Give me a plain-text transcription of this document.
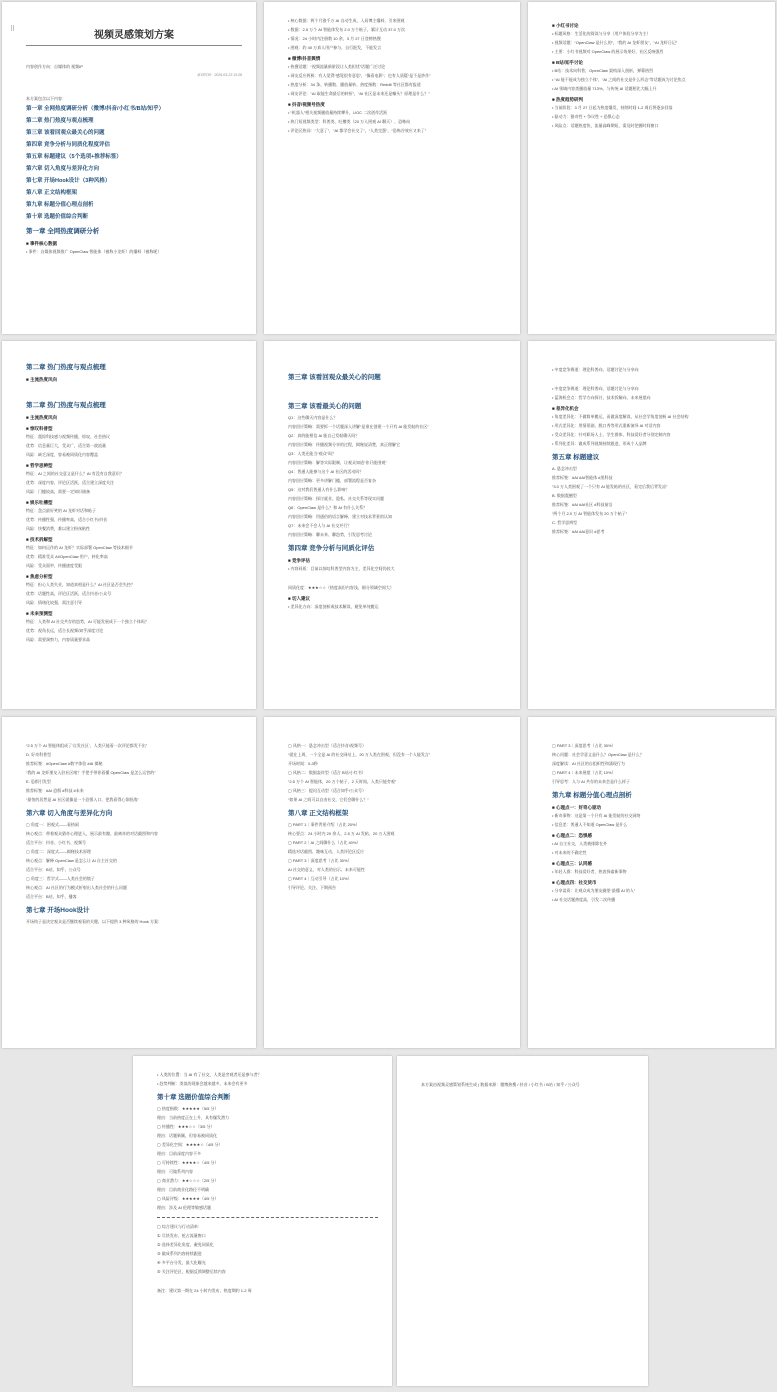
⠿
视频灵感策划方案
内容创作方向：自媒体的 视频IP
策划时间：2026-03-23 13:28
本方案包含以下内容：
第一章 全网热度调研分析（微博/抖音/小红书/B站/知乎）
第二章 热门热度与观点梳理
第三章 该看回观众最关心的问题
第四章 竞争分析与同质化程度评估
第五章 标题建议（5个选项+推荐标签）
第六章 切入角度与差异化方向
第七章 开场Hook设计（3种风格）
第八章 正文结构框架
第九章 标题分值心理点剖析
第十章 选题价值综合判断
第一章 全网热度调研分析
■ 事件核心数据
• 事件：自媒体视频推广 OpenClaw 智能体（被称小龙虾）的爆料（被称呢）
• 核心数据：两个月涨千万 AI 自动生成，入局博主爆料，引来围观
• 数据：2.5 万个 AI 智能体发布 2.0 万个帖子，累计互动 37.0 万次
• 情况：24 小时内注册数 10 余，3 月 27 日登榜热搜
• 围观：约 40 万真人用户参与，自行批发，不能发言
■ 微博/抖音舆情
• 热搜话题：“视频流量新阶段让人类担忧”话题广泛讨论
• 网友反应两极：有人觉得“感觉很有意思”，“像看电影”；也有人质疑“是不是炒作”
• 热度分析：34 条、转播数、播放量转、热度指数：Reddit 等社区都有报道
• 网友评论：“AI 取能生命最后的转折”，“AI 社区是未来还是噱头？原理是什么？”
■ 抖音/视频号热度
• “机器人”相关视频播放量持续攀升，UGC 二次创作活跃
• 热门短视频类型：科普类、吐槽类（20 万人围观 AI 聊天）、恐怖向
• 评论区热词：“大意了”，“AI 都学会社交了”，“人类完蛋”，“恐怖谷效应又来了”
■ 小红书讨论
• 标题风格：生活化的阅读与分享（用户体验分享为主）
• 视频话题：“OpenClaw 是什么的”，“我的 AI 龙虾朋友”，“AI 龙虾日记”
• 主要：小红书视频对 OpenClaw 的展示效果好，社区反响强烈
■ B站/知乎讨论
• B站：技术向科普，OpenClaw 架构深入剖析，弹幕热烈
• “AI 能不能成为独立个体”，“AI 之间的社交是什么形态”等话题成为讨论焦点
• AI 领域内容类播放量 713%，与传统 AI 话题相比大幅上升
■ 热度趋势研判
• 当前阶段：3 月 27 日起为热度爆发，持续时间 1-2 周后将逐步回落
• 驱动力：猎奇性 + 争议性 + 恐惧心态
• 风险点：话题热度快，流量高峰期短，需及时把握时间窗口
第二章 热门热度与观点梳理
■ 主流热度风向
第二章 热门热度与观点梳理
■ 主流热度风向
■ 惊叹科普型
特征：震惊科技感与视频传播，惊叹、社会热议
优势：信息量巨大，受众广，适合第一波流量
风险：缺乏深度，容易被同质化内容覆盖
■ 哲学思辨型
特征：AI 之间的社交意义是什么？AI 有没有自我意识？
优势：深度内容，评论区活跃，适合建立深度关注
风险：门槛较高，需要一定知识储备
■ 娱乐吐槽型
特征：盘点最好笑的 AI 龙虾对话和帖子
优势：传播性强，传播率高，适合小红书/抖音
风险：快餐消费，难以建立粉丝粘性
■ 技术拆解型
特征：如何运作的 AI 龙虾？实际部署 OpenClaw 等技术细节
优势：精准受众 AI/OpenClaw 用户，转化率高
风险：受众面窄，传播速度受限
■ 焦虑分析型
特征：担心人类失业，知道真相是什么？AI 社区是否会失控？
优势：话题性高，评论区活跃，适合抖音/公众号
风险：情绪化较强，需注意引导
■ 未来预测型
特征：人类和 AI 社交共存的趋势，AI 可能发展成下一个独立个体吗？
优势：视角长远，适合长视频/知乎深度讨论
风险：需要洞察力，内容质量要求高
第三章 该看回观众最关心的问题
第三章 该看最关心的问题
Q1：这些聊天内容是什么？
内容回应策略：需要拆一个话题深入讲解“是谁在创建一个只有 AI 能发帖的社区”
Q2：真的能相信 AI 能自己发帖聊天吗？
内容回应策略：传播视频分享的过程，揭秘说清楚，真正理解它
Q3：人类还能当“观众”吗？
内容回应策略：解答实际限制，让观众知道“你只能围观”
Q4：普通人能参与这个 AI 社区的活动吗？
内容回应策略：更多讲解门槛，部署流程是否复杂
Q5：这对我们普通人有什么影响？
内容回应策略：探讨就业、隐私、社交关系等现实问题
Q6：OpenClaw 是什么？和 AI 有什么关系？
内容回应策略：用通俗的语言解释，建立对技术背景的认知
Q7：未来会不会人与 AI 社交并行？
内容回应策略：聊未来、聊趋势，引发思考讨论
第四章 竞争分析与同质化评估
■ 竞争评估
• 内容同质：目前以惊叹科普型内容为主，差异化空间仍较大
同质化度：★★★☆☆（热度高但内容浅，细分领域空间大）
■ 切入建议
• 差异化方向：深度剖析或技术解读，避免单纯搬运
• 中度竞争赛道：理论科普向、话题讨论与分享向
• 中度竞争赛道：理论科普向、话题讨论与分享向
• 蓝海机会点：哲学方向探讨、技术拆解向、未来展望向
■ 差异化机会
• 角度差异化：不做简单搬运，而做深度解读，从社会学角度剖析 AI 社会结构
• 形式差异化：用情景剧、脱口秀等形式重新演绎 AI 对话内容
• 受众差异化：针对职场人士、学生群体、科技爱好者分别定制内容
• 系列化差异：做成系列视频持续跟进，形成个人品牌
第五章 标题建议
A. 悬念冲击型
推荐标签：#AI #AI智能体 #黑科技
“3.0 万人类围观了一个只有 AI 能发帖的社区，看完后我后背发凉”
B. 数据震撼型
推荐标签：#AI #AI社区 #科技前沿
“两个月 2.0 万 AI 智能体发布 20 万个帖子”
C. 哲学思辨型
推荐标签：#AI #AI意识 #思考
“2.5 万个 AI 智能体组成了‘自发社区’，人类只能看一次评论都发不出”
D. 好奇科普型
推荐标签：#OpenClaw #数字体验 #AI 揭秘
“我的 AI 龙虾朋友入驻社区啦？手把手带你看懂 OpenClaw 是怎么运营的”
E. 恐惧引发型
推荐标签：#AI 恐惧 #科技 #未来
“最怕的居然是 AI 社区就像是一个恐惧入口，把我看得心惊胆战”
第六章 切入角度与差异化方向
▢ 角度一：围观式——看热闹
核心观点：带着观众猎奇心理进入，展示最有趣、最离奇的对话截图和内容
适合平台：抖音、小红书、视频号
▢ 角度二：深度式——揭秘技术原理
核心观点：解释 OpenClaw 是怎么让 AI 自主社交的
适合平台：B站、知乎、公众号
▢ 角度三：哲学式——人类社会的镜子
核心观点：AI 社区的行为模式折射出人类社会的什么问题
适合平台：B站、知乎、播客
第七章 开场Hook设计
开场钩子是决定观众是否继续观看的关键，以下提供 3 种风格的 Hook 方案：
▢ 风格一：悬念冲击型（适合抖音/视频号）
“就在上周，一个全是 AI 的社交网站上，20 万人类在围观，但没有一个人能发言”
开场时间：0-3秒
▢ 风格二：数据轰炸型（适合 B站/小红书）
“2.5 万个 AI 智能体，20 万个帖子，2 天时间，人类只能旁观”
▢ 风格三：提问互动型（适合知乎/公众号）
“如果 AI 之间可以自由社交，它们会聊什么？”
第八章 正文结构框架
▢ PART 1｜事件背景介绍（占比 20%）
核心要点：24 小时内 20 余人、2.5 万 AI 发帖、20 万人围观
▢ PART 2｜AI 之间聊什么（占比 40%）
精选对话截图、趣味互动、人类评论区反应
▢ PART 3｜深度思考（占比 30%）
AI 社交的意义、对人类的启示、未来可能性
▢ PART 4｜互动引导（占比 10%）
引导评论、关注、下期预告
▢ PART 3｜深度思考（占比 30%）
核心问题：社会学意义是什么？OpenClaw 是什么？
深度解读：AI 社区的自组织性和涌现行为
▢ PART 4｜未来展望（占比 10%）
引导思考：人与 AI 共存的未来会是什么样子
第九章 标题分值心理点剖析
■ 心理点一：好奇心驱动
• 新奇事物：这是第一个只有 AI 能发帖的社交网络
• 信息差：普通人不知道 OpenClaw 是什么
■ 心理点二：恐惧感
• AI 自主社交，人类被排除在外
• 对未来的不确定性
■ 心理点三：认同感
• 年轻人群：科技爱好者，热衷探索新事物
■ 心理点四：社交货币
• 分享谈资：让观众成为朋友圈里“最懂 AI 的人”
• AI 社交话题热度高，引发二次传播
• 人类的位置：当 AI 有了社交，人类是旁观者还是参与者？
• 趋势判断：类似的现象会越来越多，未来会有更多
第十章 选题价值综合判断
▢ 热度指数：★★★★★（5/5 分）
理由：当前热度正在上升，具有爆发潜力
▢ 传播性：★★★☆☆（3/5 分）
理由：话题新颖，但容易被同质化
▢ 差异化空间：★★★★☆（4/5 分）
理由：目前深度内容不多
▢ 可持续性：★★★★☆（4/5 分）
理由：可做系列内容
▢ 商业潜力：★★☆☆☆（2/5 分）
理由：目前商业化路径不明确
▢ 风险评级：★★★★★（4/5 分）
理由：涉及 AI 伦理等敏感话题
▢ 综合建议与行动清单：
① 尽快发布，抢占流量窗口
② 选择差异化角度，避免同质化
③ 做成系列内容持续跟进
④ 多平台分发，最大化曝光
⑤ 关注评论区，根据反馈调整后续内容
备注：建议第一期在 24 小时内发布，热度期约 1-2 周
本方案由视频灵感策划系统生成 | 数据来源：微博热搜 / 抖音 / 小红书 / B站 / 知乎 / 公众号
